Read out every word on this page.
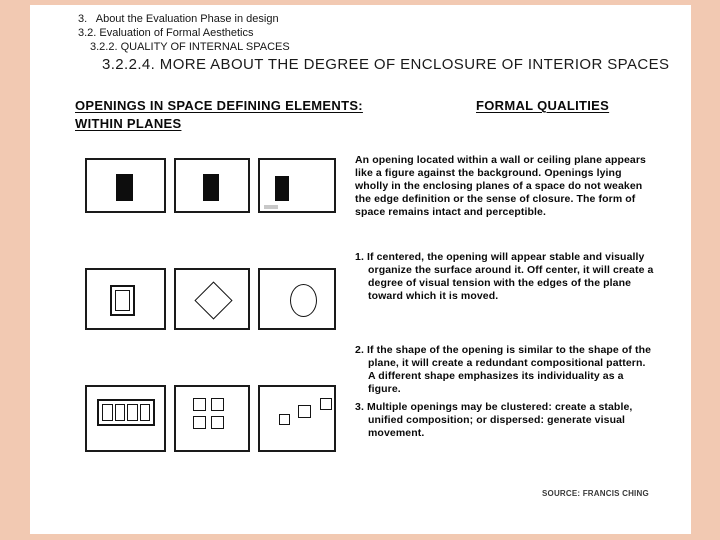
3.   About the Evaluation Phase in design
3.2. Evaluation of Formal Aesthetics
3.2.2. QUALITY OF INTERNAL SPACES
3.2.2.4. MORE ABOUT THE DEGREE OF ENCLOSURE OF INTERIOR SPACES
OPENINGS IN SPACE DEFINING ELEMENTS:
WITHIN PLANES
FORMAL QUALITIES
An opening located within a wall or ceiling plane appears like a figure against the background. Openings lying wholly in the enclosing planes of a space do not weaken the edge definition or the sense of closure. The form of space remains intact and perceptible.
1. If centered, the opening will appear stable and visually organize the surface around it. Off center, it will create a degree of visual tension with the edges of the plane toward which it is moved.
2. If the shape of the opening is similar to the shape of the plane, it will create a redundant compositional pattern. A different shape emphasizes its individuality as a figure.
3. Multiple openings may be clustered: create a stable, unified composition; or dispersed: generate visual movement.
SOURCE: FRANCIS CHING
